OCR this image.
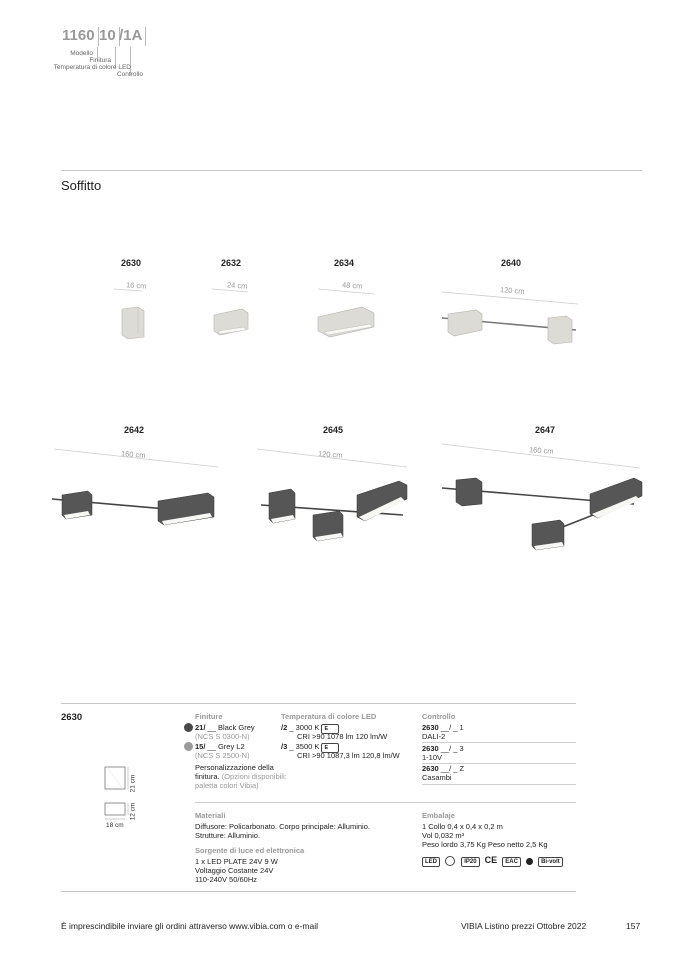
1160 10 /1A
Modello
Finitura
Temperatura di colore LED
Controllo
Soffitto
2630	2632	2634	2640
16 cm	24 cm	48 cm	120 cm
2642	2645	2647
160 cm	120 cm	160 cm
2630
21 cm
12 cm
18 cm
Finiture
21/ __ Black Grey
(NCS S 0300-N)
15/ __ Grey L2
(NCS S 2500-N)
Personalizzazione della
finitura. (Opzioni disponibili:
paletta colori Vibia)
Temperatura di colore LED
/2 _ 3000 K E
CRI >90 1078 lm 120 lm/W
/3 _ 3500 K E
CRI >90 1087,3 lm 120,8 lm/W
Controllo
2630 __/ _ 1
DALI-2
2630 __/ _ 3
1-10V
2630 __/ _ Z
Casambi
Materiali
Diffusore: Policarbonato. Corpo principale: Alluminio.
Strutture: Alluminio.
Sorgente di luce ed elettronica
1 x LED PLATE 24V 9 W
Voltaggio Costante 24V
110-240V 50/60Hz
Embalaje
1 Collo 0,4 x 0,4 x 0,2 m
Vol 0,032 m³
Peso lordo 3,75 Kg Peso netto 2,5 Kg
LED	IP20 CE EAC	Bi-volt
È imprescindibile inviare gli ordini attraverso www.vibia.com o e-mail	VIBIA Listino prezzi Ottobre 2022	157
